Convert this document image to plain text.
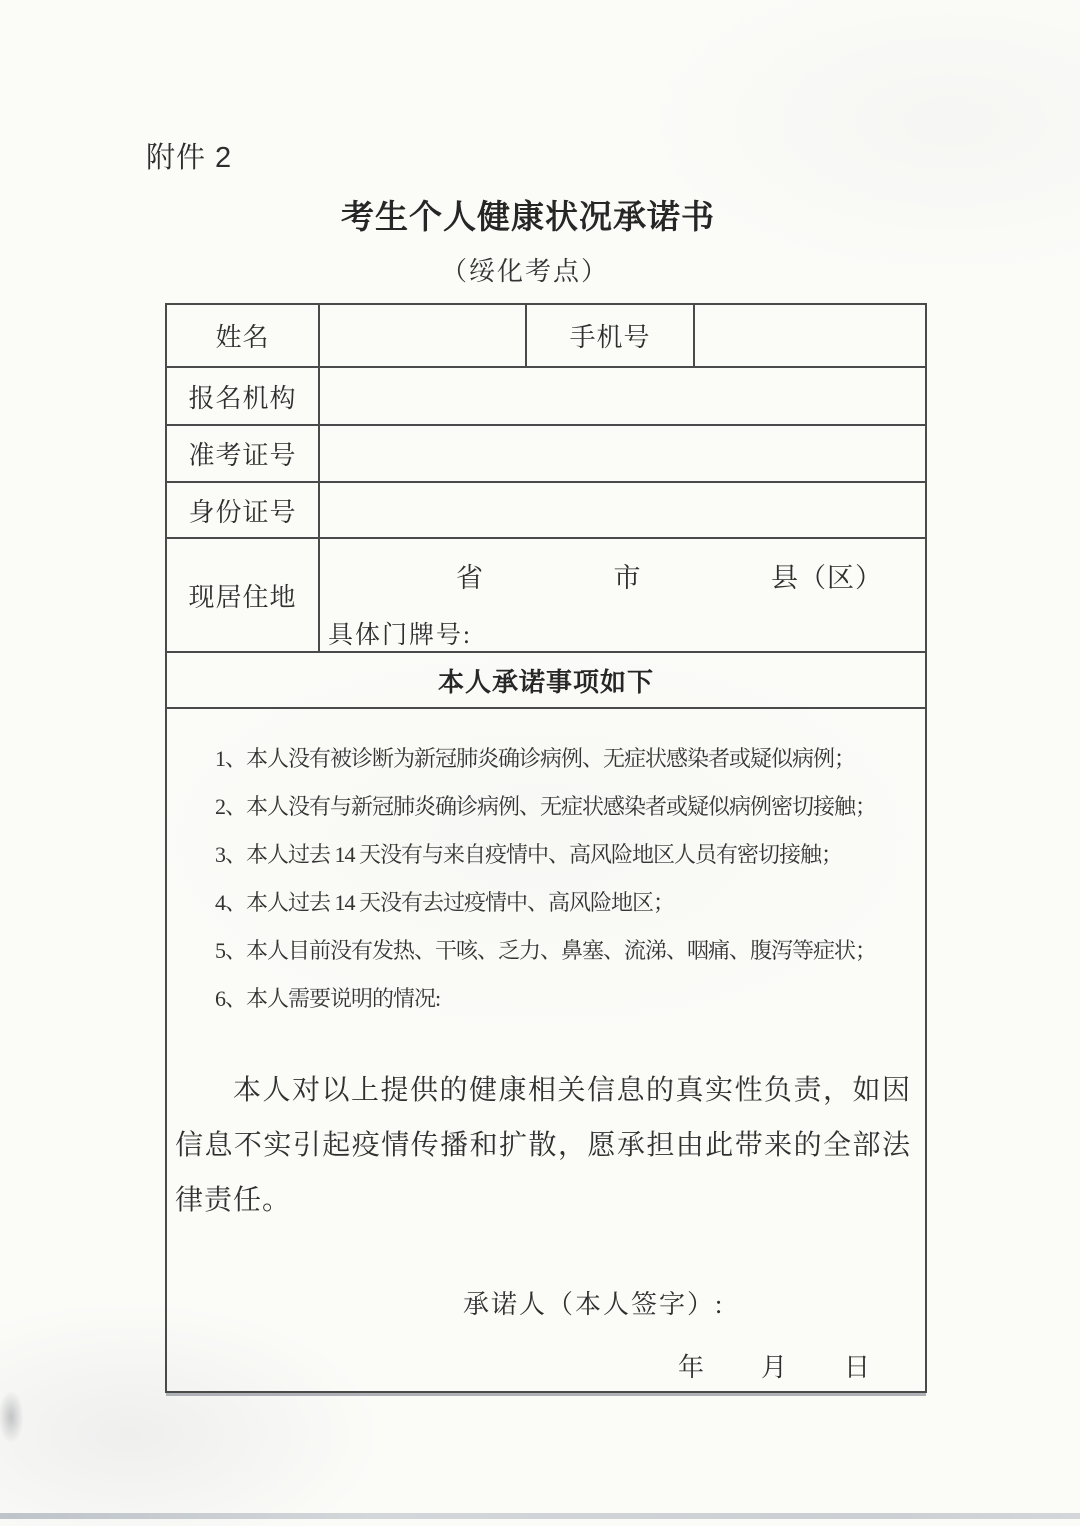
附件 2
考生个人健康状况承诺书
（绥化考点）
姓名		手机号	
报名机构			
准考证号			
身份证号			
现居住地	省 市 县（区）
具体门牌号:		

本人承诺事项如下			

1、本人没有被诊断为新冠肺炎确诊病例、无症状感染者或疑似病例；
2、本人没有与新冠肺炎确诊病例、无症状感染者或疑似病例密切接触；
3、本人过去 14 天没有与来自疫情中、高风险地区人员有密切接触；
4、本人过去 14 天没有去过疫情中、高风险地区；
5、本人目前没有发热、干咳、乏力、鼻塞、流涕、咽痛、腹泻等症状；
6、本人需要说明的情况:

本人对以上提供的健康相关信息的真实性负责，如因信息不实引起疫情传播和扩散，愿承担由此带来的全部法律责任。

承诺人（本人签字）:
年 月 日
